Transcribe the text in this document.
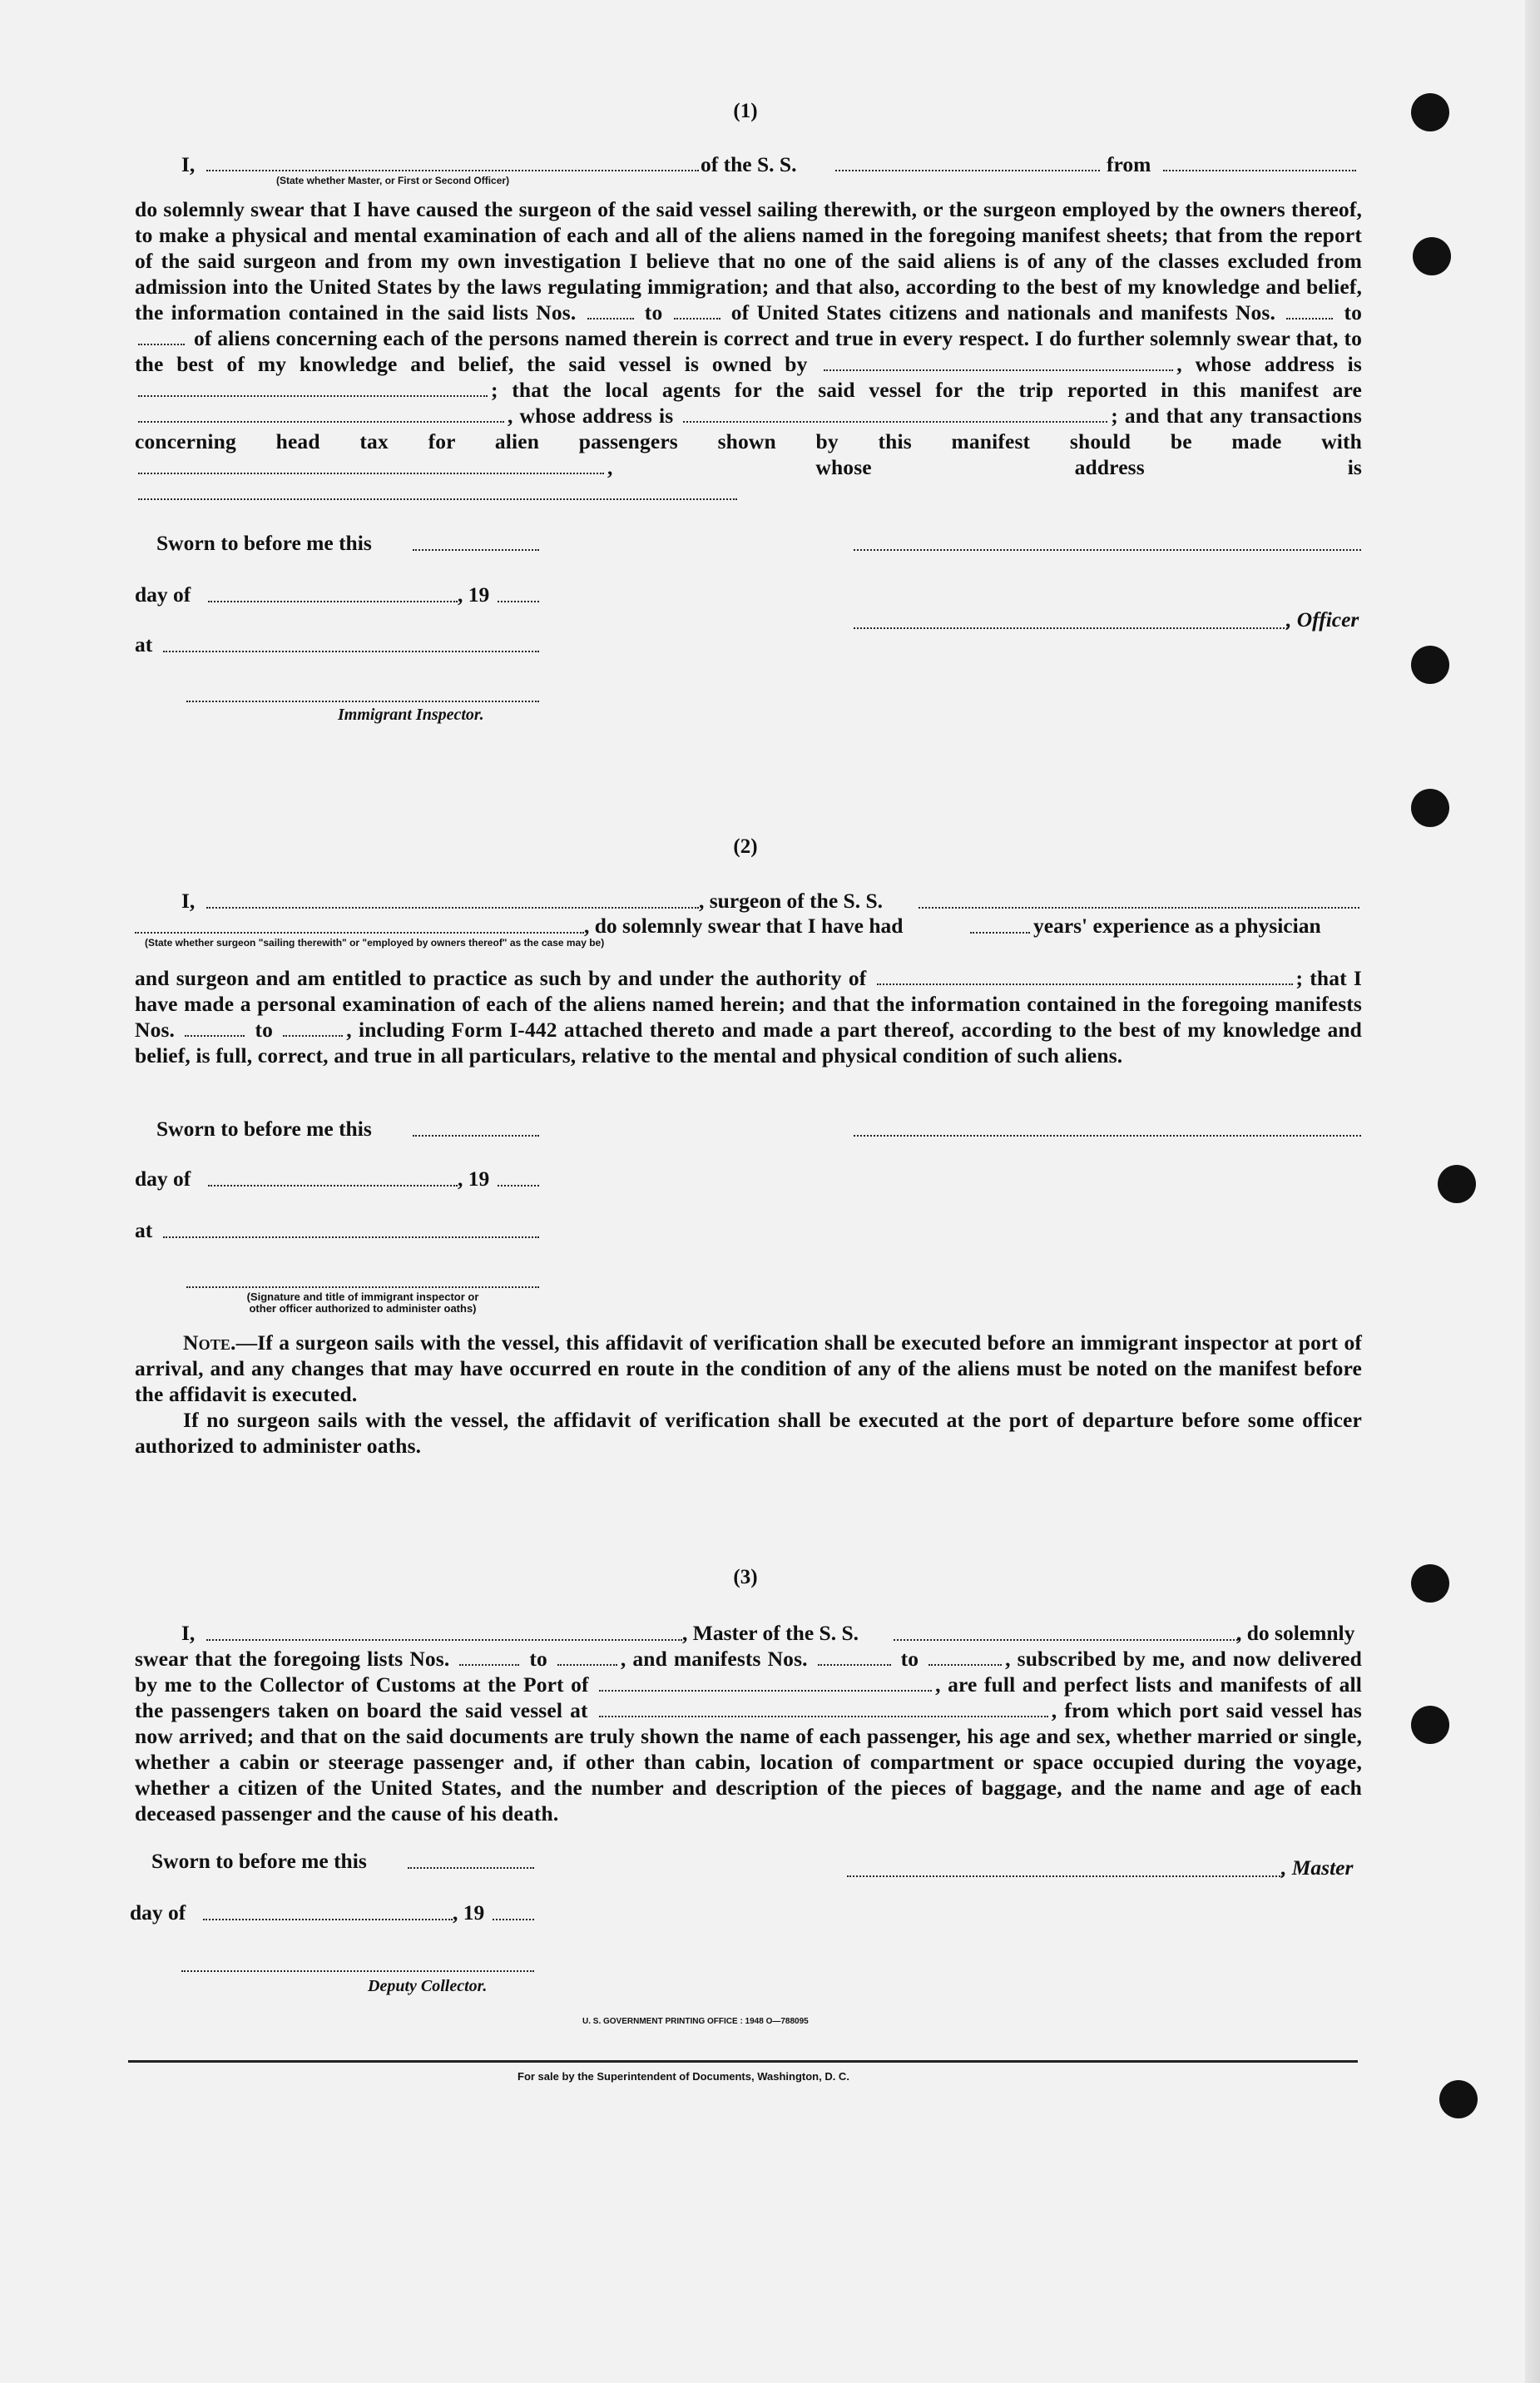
(1)
I,	of the S. S.	from
(State whether Master, or First or Second Officer)

do solemnly swear that I have caused the surgeon of the said vessel sailing therewith, or the surgeon employed by the owners thereof, to make a physical and mental examination of each and all of the aliens named in the foregoing manifest sheets; that from the report of the said surgeon and from my own investigation I believe that no one of the said aliens is of any of the classes excluded from admission into the United States by the laws regulating immigration; and that also, according to the best of my knowledge and belief, the information contained in the said lists Nos.	to	of United States citizens and nationals and manifests Nos.	to  of aliens concerning each of the persons named therein is correct and true in every respect. I do further solemnly swear that, to the best of my knowledge and belief, the said vessel is owned by	, whose address is ; that the local agents for the said vessel for the trip reported in this manifest are , whose address is	; and that any transactions concerning head tax for alien passengers shown by this manifest should be made with , whose address is

Sworn to before me this
day of	, 19
, Officer
at
Immigrant Inspector.
(2)
I,	, surgeon of the S. S.
, do solemnly swear that I have had	years' experience as a physician
(State whether surgeon "sailing therewith" or "employed by owners thereof" as the case may be)

and surgeon and am entitled to practice as such by and under the authority of	; that I have made a personal examination of each of the aliens named herein; and that the information contained in the foregoing manifests Nos.	to	, including Form I-442 attached thereto and made a part thereof, according to the best of my knowledge and belief, is full, correct, and true in all particulars, relative to the mental and physical condition of such aliens.

Sworn to before me this
day of	, 19
at
(Signature and title of immigrant inspector or
other officer authorized to administer oaths)

Note.—If a surgeon sails with the vessel, this affidavit of verification shall be executed before an immigrant inspector at port of arrival, and any changes that may have occurred en route in the condition of any of the aliens must be noted on the manifest before the affidavit is executed.

If no surgeon sails with the vessel, the affidavit of verification shall be executed at the port of departure before some officer authorized to administer oaths.

(3)
I,	, Master of the S. S.	, do solemnly

swear that the foregoing lists Nos.	to	, and manifests Nos.	to	, subscribed by me, and now delivered by me to the Collector of Customs at the Port of	, are full and perfect lists and manifests of all the passengers taken on board the said vessel at	, from which port said vessel has now arrived; and that on the said documents are truly shown the name of each passenger, his age and sex, whether married or single, whether a cabin or steerage passenger and, if other than cabin, location of compartment or space occupied during the voyage, whether a citizen of the United States, and the number and description of the pieces of baggage, and the name and age of each deceased passenger and the cause of his death.

Sworn to before me this	, Master
day of	, 19
Deputy Collector.
U. S. GOVERNMENT PRINTING OFFICE : 1948 O—788095
For sale by the Superintendent of Documents, Washington, D. C.
